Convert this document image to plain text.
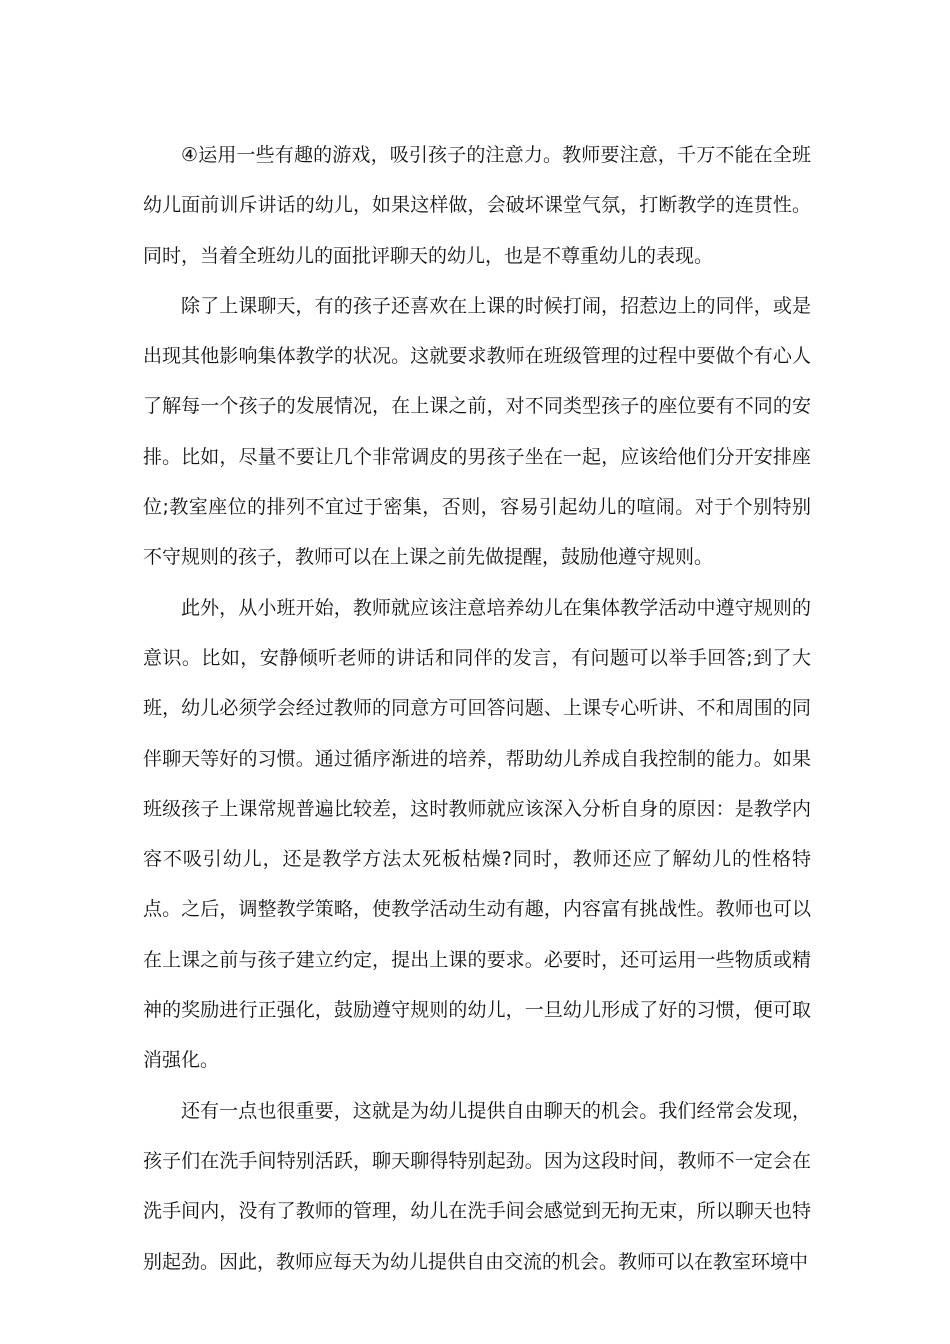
④运用一些有趣的游戏，吸引孩子的注意力。教师要注意，千万不能在全班幼儿面前训斥讲话的幼儿，如果这样做，会破坏课堂气氛，打断教学的连贯性。同时，当着全班幼儿的面批评聊天的幼儿，也是不尊重幼儿的表现。

除了上课聊天，有的孩子还喜欢在上课的时候打闹，招惹边上的同伴，或是出现其他影响集体教学的状况。这就要求教师在班级管理的过程中要做个有心人了解每一个孩子的发展情况，在上课之前，对不同类型孩子的座位要有不同的安排。比如，尽量不要让几个非常调皮的男孩子坐在一起，应该给他们分开安排座位;教室座位的排列不宜过于密集，否则，容易引起幼儿的喧闹。对于个别特别不守规则的孩子，教师可以在上课之前先做提醒，鼓励他遵守规则。

此外，从小班开始，教师就应该注意培养幼儿在集体教学活动中遵守规则的意识。比如，安静倾听老师的讲话和同伴的发言，有问题可以举手回答;到了大班，幼儿必须学会经过教师的同意方可回答问题、上课专心听讲、不和周围的同伴聊天等好的习惯。通过循序渐进的培养，帮助幼儿养成自我控制的能力。如果班级孩子上课常规普遍比较差，这时教师就应该深入分析自身的原因：是教学内容不吸引幼儿，还是教学方法太死板枯燥?同时，教师还应了解幼儿的性格特点。之后，调整教学策略，使教学活动生动有趣，内容富有挑战性。教师也可以在上课之前与孩子建立约定，提出上课的要求。必要时，还可运用一些物质或精神的奖励进行正强化，鼓励遵守规则的幼儿，一旦幼儿形成了好的习惯，便可取消强化。

还有一点也很重要，这就是为幼儿提供自由聊天的机会。我们经常会发现，孩子们在洗手间特别活跃，聊天聊得特别起劲。因为这段时间，教师不一定会在洗手间内，没有了教师的管理，幼儿在洗手间会感觉到无拘无束，所以聊天也特别起劲。因此，教师应每天为幼儿提供自由交流的机会。教师可以在教室环境中
